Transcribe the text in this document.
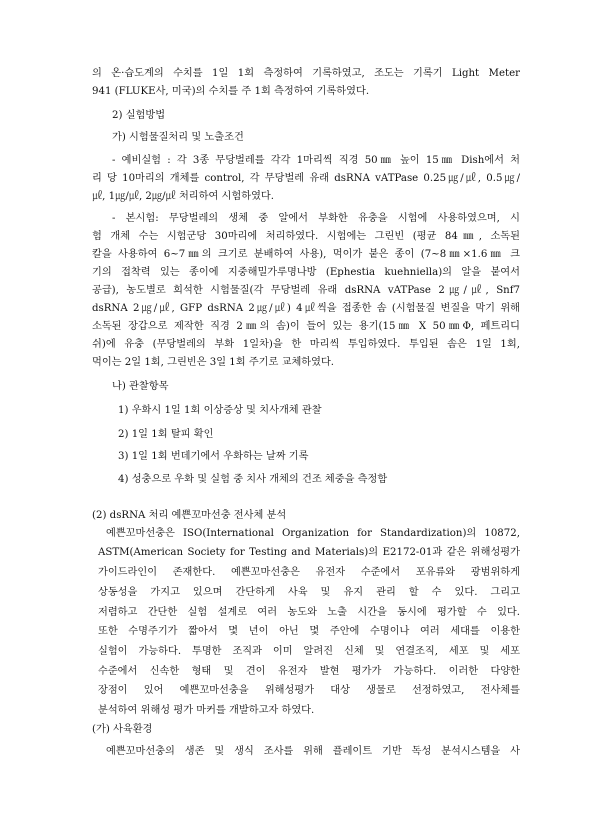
의 온·습도계의 수치를 1일 1회 측정하여 기록하였고, 조도는 기록기 Light Meter
941 (FLUKE사, 미국)의 수치를 주 1회 측정하여 기록하였다.
2) 실험방법
가) 시험물질처리 및 노출조건
- 예비실험 : 각 3종 무당벌레를 각각 1마리씩 직경 50㎜ 높이 15㎜ Dish에서 처
리 당 10마리의 개체를 control, 각 무당벌레 유래 dsRNA vATPase 0.25㎍/㎕, 0.5㎍/
㎕, 1㎍/㎕, 2㎍/㎕ 처리하여 시험하였다.
- 본시험: 무당벌레의 생체 중 알에서 부화한 유충을 시험에 사용하였으며, 시
험 개체 수는 시험군당 30마리에 처리하였다. 시험에는 그린빈 (평균 84㎜, 소독된
칼을 사용하여 6~7㎜의 크기로 분배하여 사용), 먹이가 붙은 종이 (7~8㎜×1.6㎜ 크
기의 접착력 있는 종이에 지중해밀가루명나방 (Ephestia kuehniella)의 알을 붙여서
공급), 농도별로 희석한 시험물질(각 무당벌레 유래 dsRNA vATPase 2㎍/㎕, Snf7
dsRNA 2㎍/㎕, GFP dsRNA 2㎍/㎕) 4㎕씩을 접종한 솜 (시험물질 변질을 막기 위해
소독된 장갑으로 제작한 직경 2㎜의 솜)이 들어 있는 용기(15㎜ X 50㎜Φ, 페트리디
쉬)에 유충 (무당벌레의 부화 1일차)을 한 마리씩 투입하였다. 투입된 솜은 1일 1회,
먹이는 2일 1회, 그린빈은 3일 1회 주기로 교체하였다.
나) 관찰항목
1) 우화시 1일 1회 이상증상 및 치사개체 관찰
2) 1일 1회 탈피 확인
3) 1일 1회 번데기에서 우화하는 날짜 기록
4) 성충으로 우화 및 실험 중 치사 개체의 건조 체중을 측정함
(2) dsRNA 처리 예쁜꼬마선충 전사체 분석
예쁜꼬마선충은 ISO(International Organization for Standardization)의 10872,
ASTM(American Society for Testing and Materials)의 E2172-01과 같은 위해성평가
가이드라인이 존재한다. 예쁜꼬마선충은 유전자 수준에서 포유류와 광범위하게
상동성을 가지고 있으며 간단하게 사육 및 유지 관리 할 수 있다. 그리고
저렴하고 간단한 실험 설계로 여러 농도와 노출 시간을 동시에 평가할 수 있다.
또한 수명주기가 짧아서 몇 년이 아닌 몇 주안에 수명이나 여러 세대를 이용한
실험이 가능하다. 투명한 조직과 이미 알려진 신체 및 연결조직, 세포 및 세포
수준에서 신속한 형태 및 견이 유전자 발현 평가가 가능하다. 이러한 다양한
장점이 있어 예쁜꼬마선충을 위해성평가 대상 생물로 선정하였고, 전사체를
분석하여 위해성 평가 마커를 개발하고자 하였다.
(가) 사육환경
예쁜꼬마선충의 생존 및 생식 조사를 위해 플레이트 기반 독성 분석시스템을 사
